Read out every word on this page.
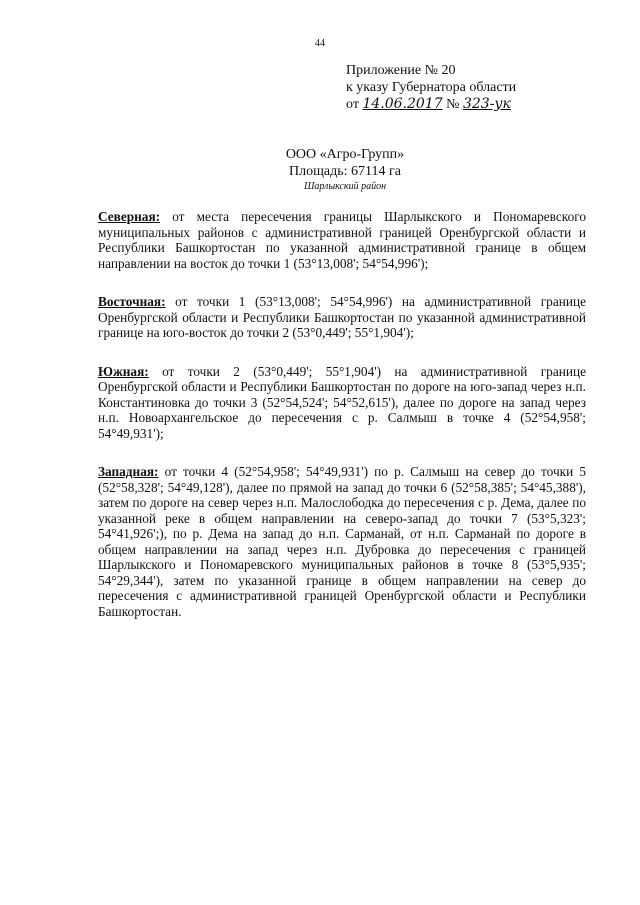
44
Приложение № 20
к указу Губернатора области
от 14.06.2017 № 323-ук
ООО «Агро-Групп»
Площадь: 67114 га
Шарлыкский район

Северная: от места пересечения границы Шарлыкского и Пономаревского муниципальных районов с административной границей Оренбургской области и Республики Башкортостан по указанной административной границе в общем направлении на восток до точки 1 (53°13,008'; 54°54,996');

Восточная: от точки 1 (53°13,008'; 54°54,996') на административной границе Оренбургской области и Республики Башкортостан по указанной административной границе на юго-восток до точки 2 (53°0,449'; 55°1,904');

Южная: от точки 2 (53°0,449'; 55°1,904') на административной границе Оренбургской области и Республики Башкортостан по дороге на юго-запад через н.п. Константиновка до точки 3 (52°54,524'; 54°52,615'), далее по дороге на запад через н.п. Новоархангельское до пересечения с р. Салмыш в точке 4 (52°54,958'; 54°49,931');

Западная: от точки 4 (52°54,958'; 54°49,931') по р. Салмыш на север до точки 5 (52°58,328'; 54°49,128'), далее по прямой на запад до точки 6 (52°58,385'; 54°45,388'), затем по дороге на север через н.п. Малослободка до пересечения с р. Дема, далее по указанной реке в общем направлении на северо-запад до точки 7 (53°5,323'; 54°41,926';), по р. Дема на запад до н.п. Сарманай, от н.п. Сарманай по дороге в общем направлении на запад через н.п. Дубровка до пересечения с границей Шарлыкского и Пономаревского муниципальных районов в точке 8 (53°5,935'; 54°29,344'), затем по указанной границе в общем направлении на север до пересечения с административной границей Оренбургской области и Республики Башкортостан.
